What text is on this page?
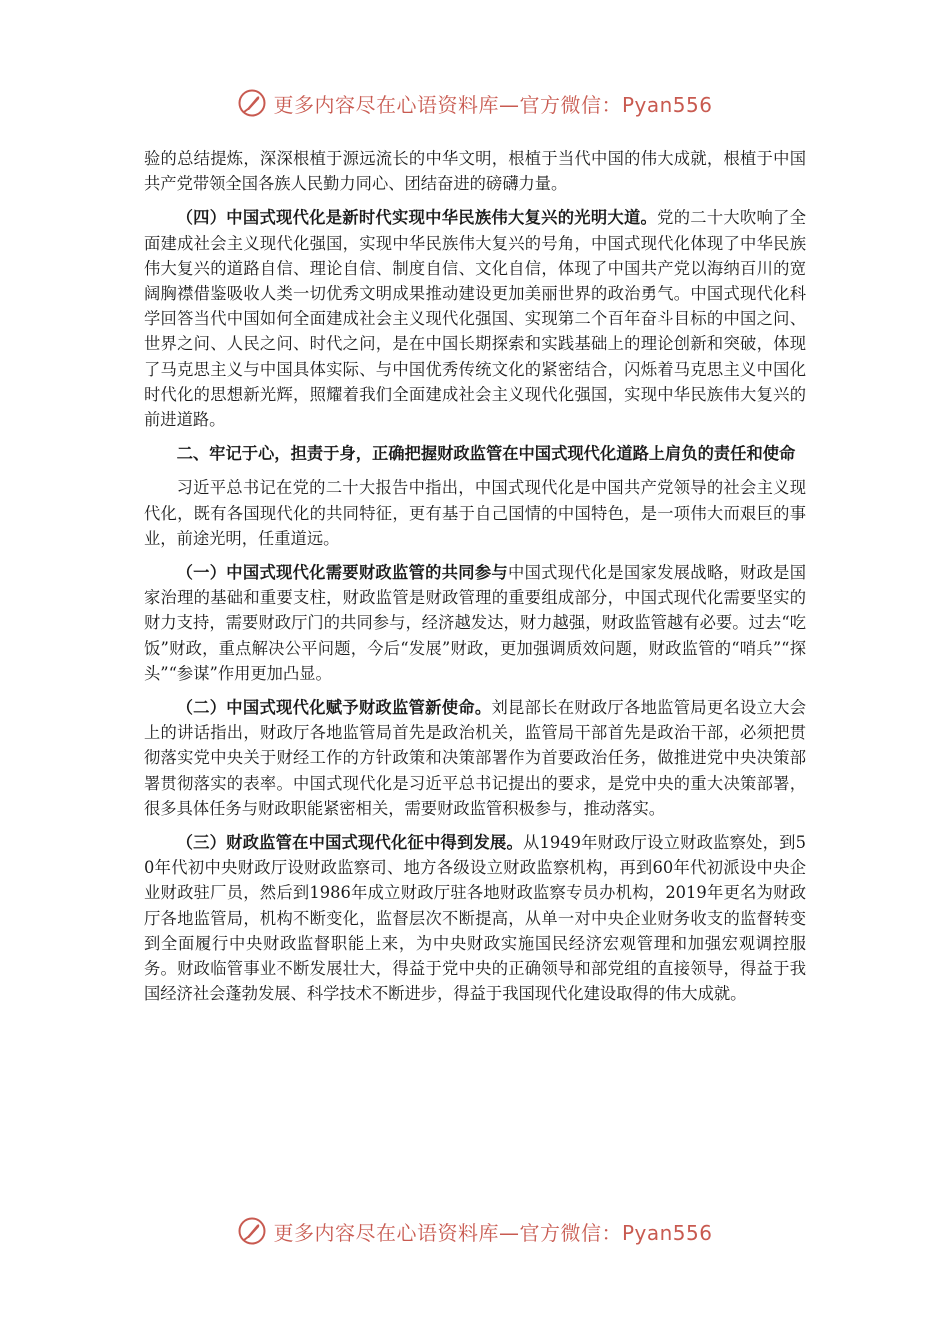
更多内容尽在心语资料库—官方微信：Pyan556

验的总结提炼，深深根植于源远流长的中华文明，根植于当代中国的伟大成就，根植于中国共产党带领全国各族人民勤力同心、团结奋进的磅礴力量。

（四）中国式现代化是新时代实现中华民族伟大复兴的光明大道。党的二十大吹响了全面建成社会主义现代化强国，实现中华民族伟大复兴的号角，中国式现代化体现了中华民族伟大复兴的道路自信、理论自信、制度自信、文化自信，体现了中国共产党以海纳百川的宽阔胸襟借鉴吸收人类一切优秀文明成果推动建设更加美丽世界的政治勇气。中国式现代化科学回答当代中国如何全面建成社会主义现代化强国、实现第二个百年奋斗目标的中国之问、世界之问、人民之问、时代之问，是在中国长期探索和实践基础上的理论创新和突破，体现了马克思主义与中国具体实际、与中国优秀传统文化的紧密结合，闪烁着马克思主义中国化时代化的思想新光辉，照耀着我们全面建成社会主义现代化强国，实现中华民族伟大复兴的前进道路。

二、牢记于心，担责于身，正确把握财政监管在中国式现代化道路上肩负的责任和使命

习近平总书记在党的二十大报告中指出，中国式现代化是中国共产党领导的社会主义现代化，既有各国现代化的共同特征，更有基于自己国情的中国特色，是一项伟大而艰巨的事业，前途光明，任重道远。

（一）中国式现代化需要财政监管的共同参与中国式现代化是国家发展战略，财政是国家治理的基础和重要支柱，财政监管是财政管理的重要组成部分，中国式现代化需要坚实的财力支持，需要财政厅门的共同参与，经济越发达，财力越强，财政监管越有必要。过去“吃饭”财政，重点解决公平问题，今后“发展”财政，更加强调质效问题，财政监管的“哨兵”“探头”“参谋”作用更加凸显。

（二）中国式现代化赋予财政监管新使命。刘昆部长在财政厅各地监管局更名设立大会上的讲话指出，财政厅各地监管局首先是政治机关，监管局干部首先是政治干部，必须把贯彻落实党中央关于财经工作的方针政策和决策部署作为首要政治任务，做推进党中央决策部署贯彻落实的表率。中国式现代化是习近平总书记提出的要求，是党中央的重大决策部署，很多具体任务与财政职能紧密相关，需要财政监管积极参与，推动落实。

（三）财政监管在中国式现代化征中得到发展。从1949年财政厅设立财政监察处，到50年代初中央财政厅设财政监察司、地方各级设立财政监察机构，再到60年代初派设中央企业财政驻厂员，然后到1986年成立财政厅驻各地财政监察专员办机构，2019年更名为财政厅各地监管局，机构不断变化，监督层次不断提高，从单一对中央企业财务收支的监督转变到全面履行中央财政监督职能上来，为中央财政实施国民经济宏观管理和加强宏观调控服务。财政临管事业不断发展壮大，得益于党中央的正确领导和部党组的直接领导，得益于我国经济社会蓬勃发展、科学技术不断进步，得益于我国现代化建设取得的伟大成就。

更多内容尽在心语资料库—官方微信：Pyan556
